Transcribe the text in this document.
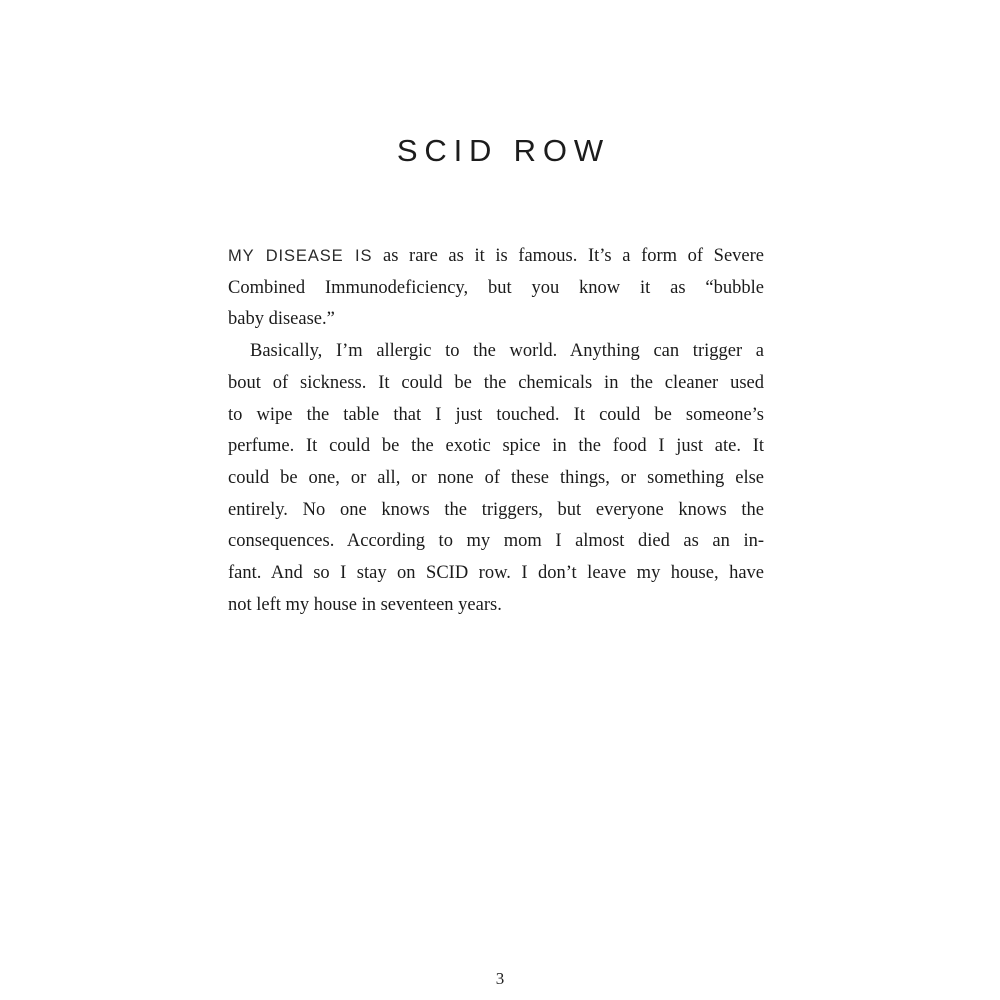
SCID ROW
MY DISEASE IS as rare as it is famous. It’s a form of Severe
Combined Immunodeficiency, but you know it as “bubble
baby disease.”
Basically, I’m allergic to the world. Anything can trigger a
bout of sickness. It could be the chemicals in the cleaner used
to wipe the table that I just touched. It could be someone’s
perfume. It could be the exotic spice in the food I just ate. It
could be one, or all, or none of these things, or something else
entirely. No one knows the triggers, but everyone knows the
consequences. According to my mom I almost died as an in-
fant. And so I stay on SCID row. I don’t leave my house, have
not left my house in seventeen years.
3
